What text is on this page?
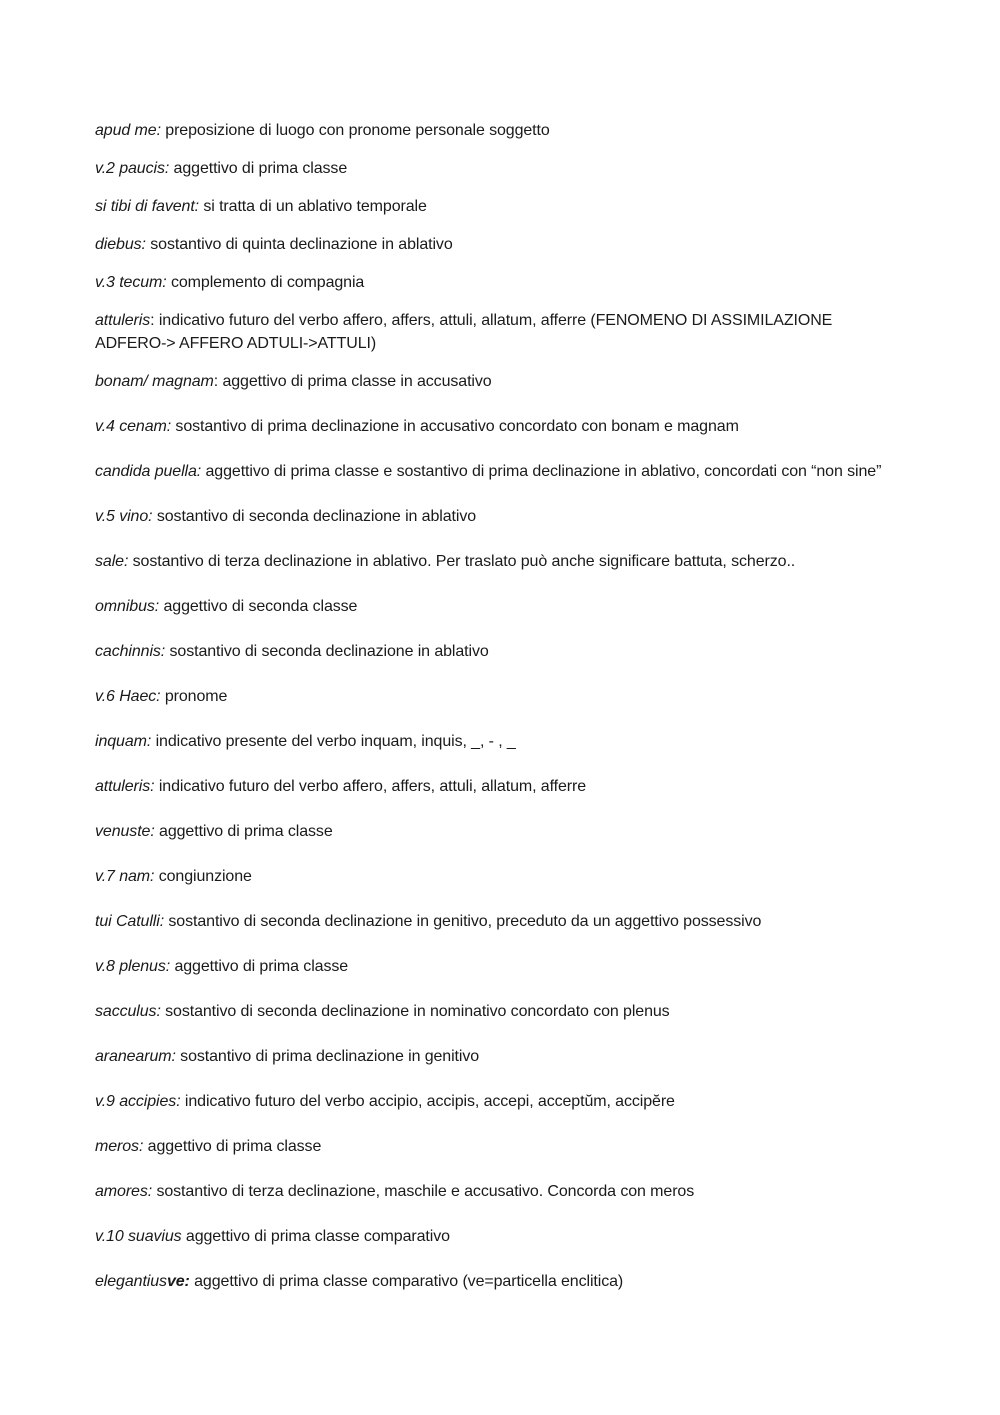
apud me: preposizione di luogo con pronome personale soggetto

v.2 paucis: aggettivo di prima classe

si tibi di favent: si tratta di un ablativo temporale

diebus: sostantivo di quinta declinazione in ablativo

v.3 tecum: complemento di compagnia

attuleris: indicativo futuro del verbo affero, affers, attuli, allatum, afferre (FENOMENO DI ASSIMILAZIONE ADFERO-> AFFERO ADTULI->ATTULI)

bonam/ magnam: aggettivo di prima classe in accusativo

v.4 cenam: sostantivo di prima declinazione in accusativo concordato con bonam e magnam

candida puella: aggettivo di prima classe e sostantivo di prima declinazione in ablativo, concordati con “non sine”

v.5 vino: sostantivo di seconda declinazione in ablativo

sale: sostantivo di terza declinazione in ablativo. Per traslato può anche significare battuta, scherzo..

omnibus: aggettivo di seconda classe

cachinnis: sostantivo di seconda declinazione in ablativo

v.6 Haec: pronome

inquam: indicativo presente del verbo inquam, inquis, _, - , _

attuleris: indicativo futuro del verbo affero, affers, attuli, allatum, afferre

venuste: aggettivo di prima classe

v.7 nam: congiunzione

tui Catulli: sostantivo di seconda declinazione in genitivo, preceduto da un aggettivo possessivo

v.8 plenus: aggettivo di prima classe

sacculus: sostantivo di seconda declinazione in nominativo concordato con plenus

aranearum: sostantivo di prima declinazione in genitivo

v.9 accipies: indicativo futuro del verbo accipio, accipis, accepi, acceptŭm, accipĕre

meros: aggettivo di prima classe

amores: sostantivo di terza declinazione, maschile e accusativo. Concorda con meros

v.10 suavius aggettivo di prima classe comparativo

elegantiusve: aggettivo di prima classe comparativo (ve=particella enclitica)
